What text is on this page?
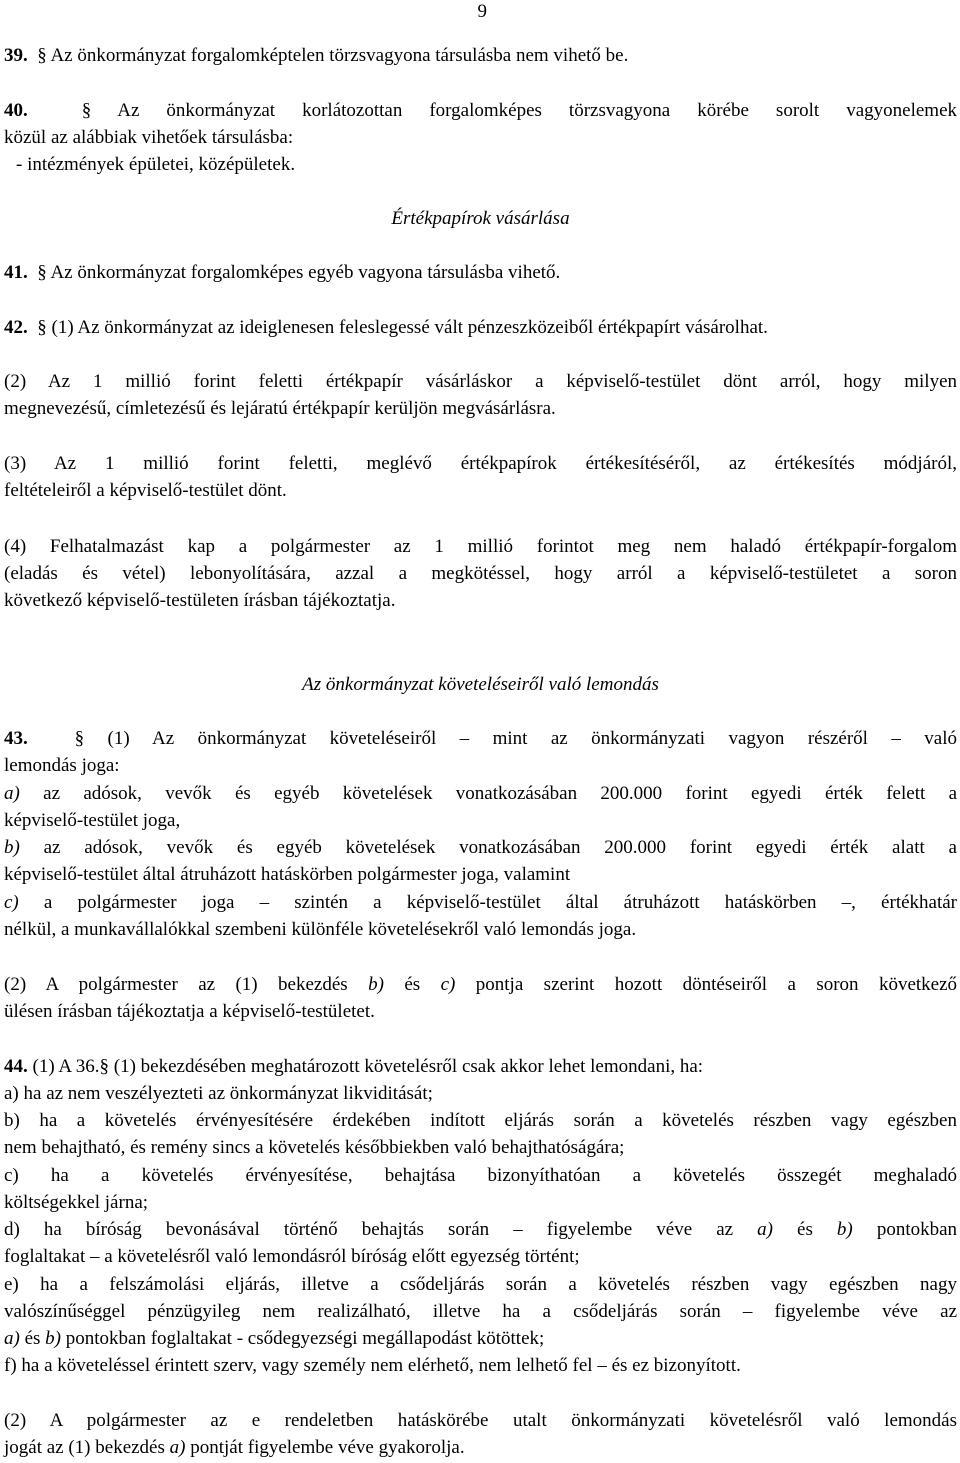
9
39. § Az önkormányzat forgalomképtelen törzsvagyona társulásba nem vihető be.
40.	§ Az önkormányzat korlátozottan forgalomképes törzsvagyona körébe sorolt vagyonelemek
közül az alábbiak vihetőek társulásba:
- intézmények épületei, középületek.
Értékpapírok vásárlása
41. § Az önkormányzat forgalomképes egyéb vagyona társulásba vihető.
42. § (1) Az önkormányzat az ideiglenesen feleslegessé vált pénzeszközeiből értékpapírt vásárolhat.
(2) Az 1 millió forint feletti értékpapír vásárláskor a képviselő-testület dönt arról, hogy milyen
megnevezésű, címletezésű és lejáratú értékpapír kerüljön megvásárlásra.
(3) Az 1 millió forint feletti, meglévő értékpapírok értékesítéséről, az értékesítés módjáról,
feltételeiről a képviselő-testület dönt.
(4) Felhatalmazást kap a polgármester az 1 millió forintot meg nem haladó értékpapír-forgalom
(eladás és vétel) lebonyolítására, azzal a megkötéssel, hogy arról a képviselő-testületet a soron
következő képviselő-testületen írásban tájékoztatja.
Az önkormányzat követeléseiről való lemondás
43. § (1) Az önkormányzat követeléseiről – mint az önkormányzati vagyon részéről – való
lemondás joga:
a) az adósok, vevők és egyéb követelések vonatkozásában 200.000 forint egyedi érték felett a
képviselő-testület joga,
b) az adósok, vevők és egyéb követelések vonatkozásában 200.000 forint egyedi érték alatt a
képviselő-testület által átruházott hatáskörben polgármester joga, valamint
c) a polgármester joga – szintén a képviselő-testület által átruházott hatáskörben –, értékhatár
nélkül, a munkavállalókkal szembeni különféle követelésekről való lemondás joga.
(2) A polgármester az (1) bekezdés b) és c) pontja szerint hozott döntéseiről a soron következő
ülésen írásban tájékoztatja a képviselő-testületet.
44. (1) A 36.§ (1) bekezdésében meghatározott követelésről csak akkor lehet lemondani, ha:
a) ha az nem veszélyezteti az önkormányzat likviditását;
b) ha a követelés érvényesítésére érdekében indított eljárás során a követelés részben vagy egészben
nem behajtható, és remény sincs a követelés későbbiekben való behajthatóságára;
c) ha a követelés érvényesítése, behajtása bizonyíthatóan a követelés összegét meghaladó
költségekkel járna;
d) ha bíróság bevonásával történő behajtás során – figyelembe véve az a) és b) pontokban
foglaltakat – a követelésről való lemondásról bíróság előtt egyezség történt;
e) ha a felszámolási eljárás, illetve a csődeljárás során a követelés részben vagy egészben nagy
valószínűséggel pénzügyileg nem realizálható, illetve ha a csődeljárás során – figyelembe véve az
a) és b) pontokban foglaltakat - csődegyezségi megállapodást kötöttek;
f) ha a követeléssel érintett szerv, vagy személy nem elérhető, nem lelhető fel – és ez bizonyított.
(2) A polgármester az e rendeletben hatáskörébe utalt önkormányzati követelésről való lemondás
jogát az (1) bekezdés a) pontját figyelembe véve gyakorolja.
